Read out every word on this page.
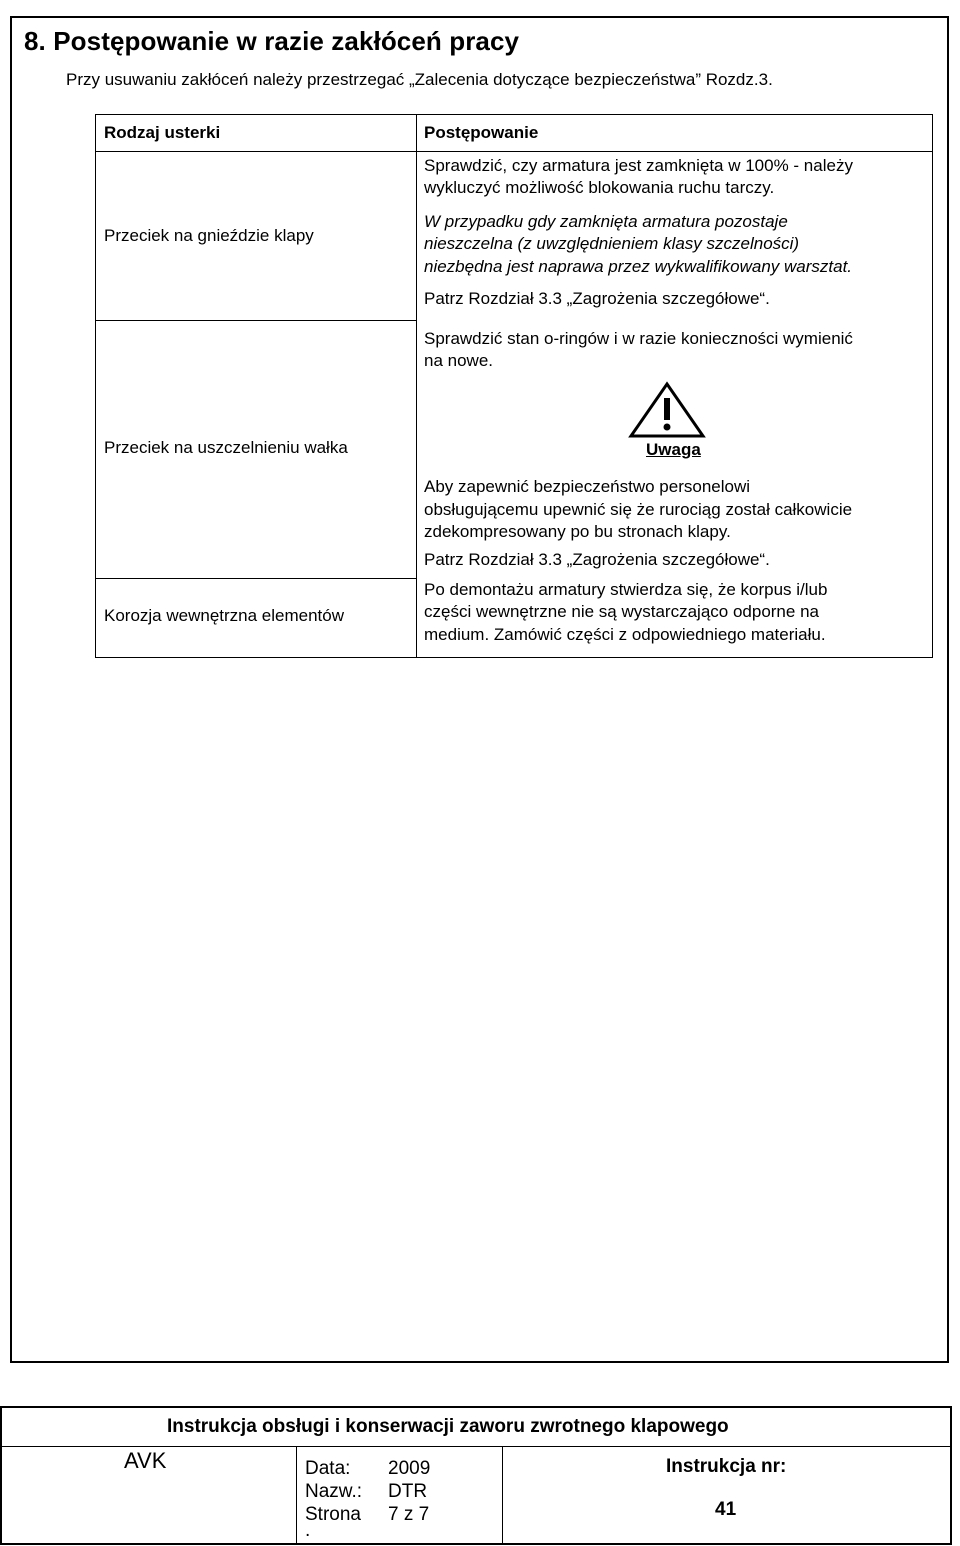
8. Postępowanie w razie zakłóceń pracy
Przy usuwaniu zakłóceń należy przestrzegać „Zalecenia dotyczące bezpieczeństwa” Rozdz.3.
Rodzaj usterki	Postępowanie
Przeciek na gnieździe klapy
Sprawdzić, czy armatura jest zamknięta w 100% - należy
wykluczyć możliwość blokowania ruchu tarczy.
W przypadku gdy zamknięta armatura pozostaje
nieszczelna (z uwzględnieniem klasy szczelności)
niezbędna jest naprawa przez wykwalifikowany warsztat.
Patrz Rozdział 3.3 „Zagrożenia szczegółowe“.
Przeciek na uszczelnieniu wałka
Sprawdzić stan o-ringów i w razie konieczności wymienić
na nowe.
Uwaga
Aby zapewnić bezpieczeństwo personelowi
obsługującemu upewnić się że rurociąg został całkowicie
zdekompresowany po bu stronach klapy.
Patrz Rozdział 3.3 „Zagrożenia szczegółowe“.
Korozja wewnętrzna elementów
Po demontażu armatury stwierdza się, że korpus i/lub
części wewnętrzne nie są wystarczająco odporne na
medium. Zamówić części z odpowiedniego materiału.
Instrukcja obsługi i konserwacji zaworu zwrotnego klapowego
AVK	Data: 2009
Nazw.: DTR
Strona
.
7 z 7
Instrukcja nr:
41
